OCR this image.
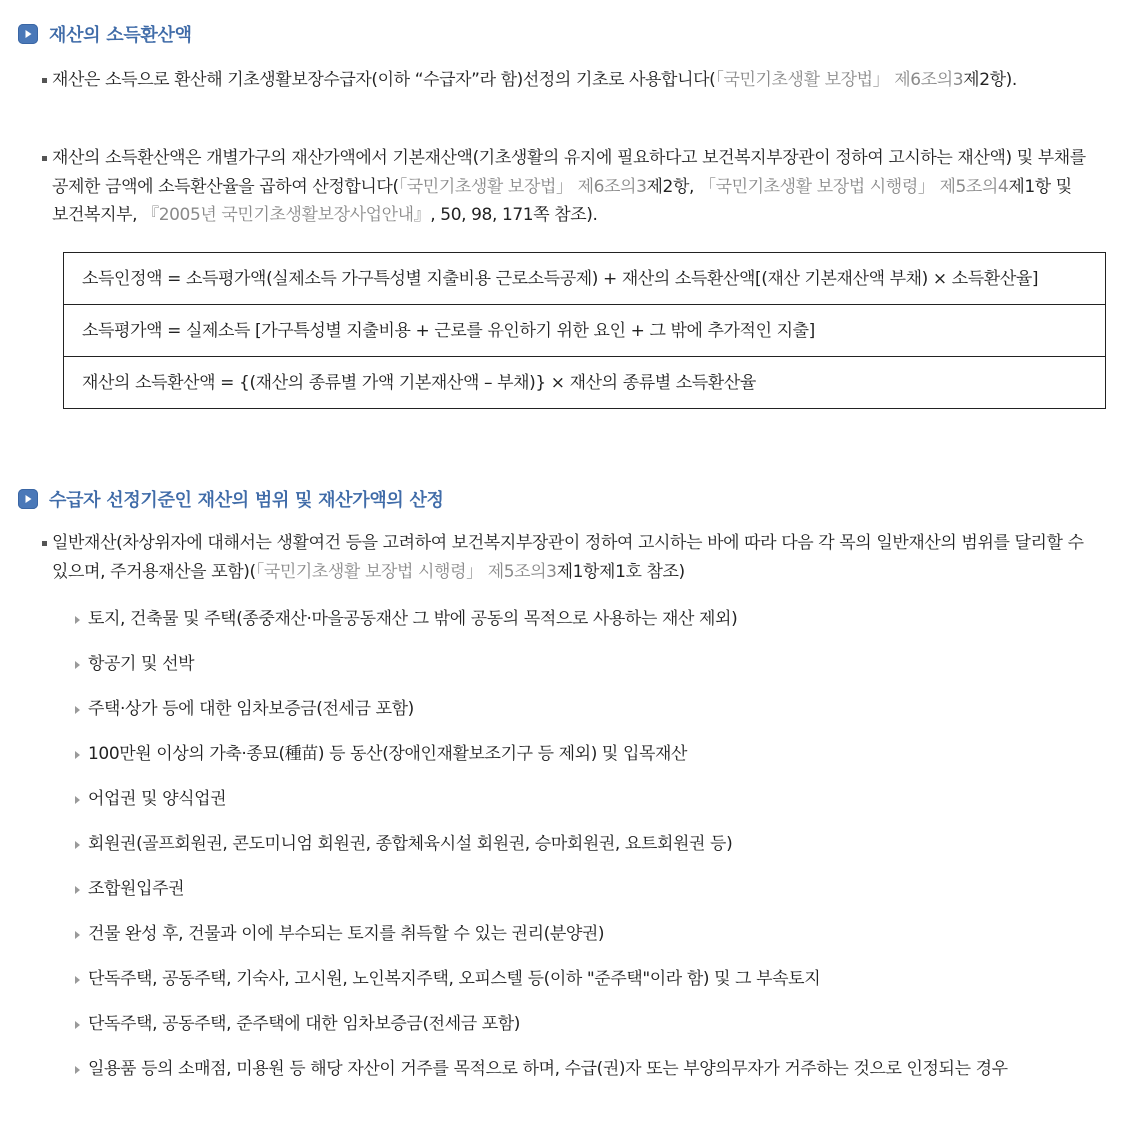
재산의 소득환산액
재산은 소득으로 환산해 기초생활보장수급자(이하 “수급자”라 함)선정의 기초로 사용합니다(「국민기초생활 보장법」 제6조의3제2항).
재산의 소득환산액은 개별가구의 재산가액에서 기본재산액(기초생활의 유지에 필요하다고 보건복지부장관이 정하여 고시하는 재산액) 및 부채를 공제한 금액에 소득환산율을 곱하여 산정합니다(「국민기초생활 보장법」 제6조의3제2항, 「국민기초생활 보장법 시행령」 제5조의4제1항 및 보건복지부, 『2005년 국민기초생활보장사업안내』, 50, 98, 171쪽 참조).
소득인정액 = 소득평가액(실제소득 가구특성별 지출비용 근로소득공제) + 재산의 소득환산액[(재산 기본재산액 부채) × 소득환산율]
소득평가액 = 실제소득 [가구특성별 지출비용 + 근로를 유인하기 위한 요인 + 그 밖에 추가적인 지출]
재산의 소득환산액 = {(재산의 종류별 가액 기본재산액 – 부채)} × 재산의 종류별 소득환산율
수급자 선정기준인 재산의 범위 및 재산가액의 산정
일반재산(차상위자에 대해서는 생활여건 등을 고려하여 보건복지부장관이 정하여 고시하는 바에 따라 다음 각 목의 일반재산의 범위를 달리할 수 있으며, 주거용재산을 포함)(「국민기초생활 보장법 시행령」 제5조의3제1항제1호 참조)
토지, 건축물 및 주택(종중재산·마을공동재산 그 밖에 공동의 목적으로 사용하는 재산 제외)
항공기 및 선박
주택·상가 등에 대한 임차보증금(전세금 포함)
100만원 이상의 가축·종묘(種苗) 등 동산(장애인재활보조기구 등 제외) 및 입목재산
어업권 및 양식업권
회원권(골프회원권, 콘도미니엄 회원권, 종합체육시설 회원권, 승마회원권, 요트회원권 등)
조합원입주권
건물 완성 후, 건물과 이에 부수되는 토지를 취득할 수 있는 권리(분양권)
단독주택, 공동주택, 기숙사, 고시원, 노인복지주택, 오피스텔 등(이하 "준주택"이라 함) 및 그 부속토지
단독주택, 공동주택, 준주택에 대한 임차보증금(전세금 포함)
일용품 등의 소매점, 미용원 등 해당 자산이 거주를 목적으로 하며, 수급(권)자 또는 부양의무자가 거주하는 것으로 인정되는 경우
